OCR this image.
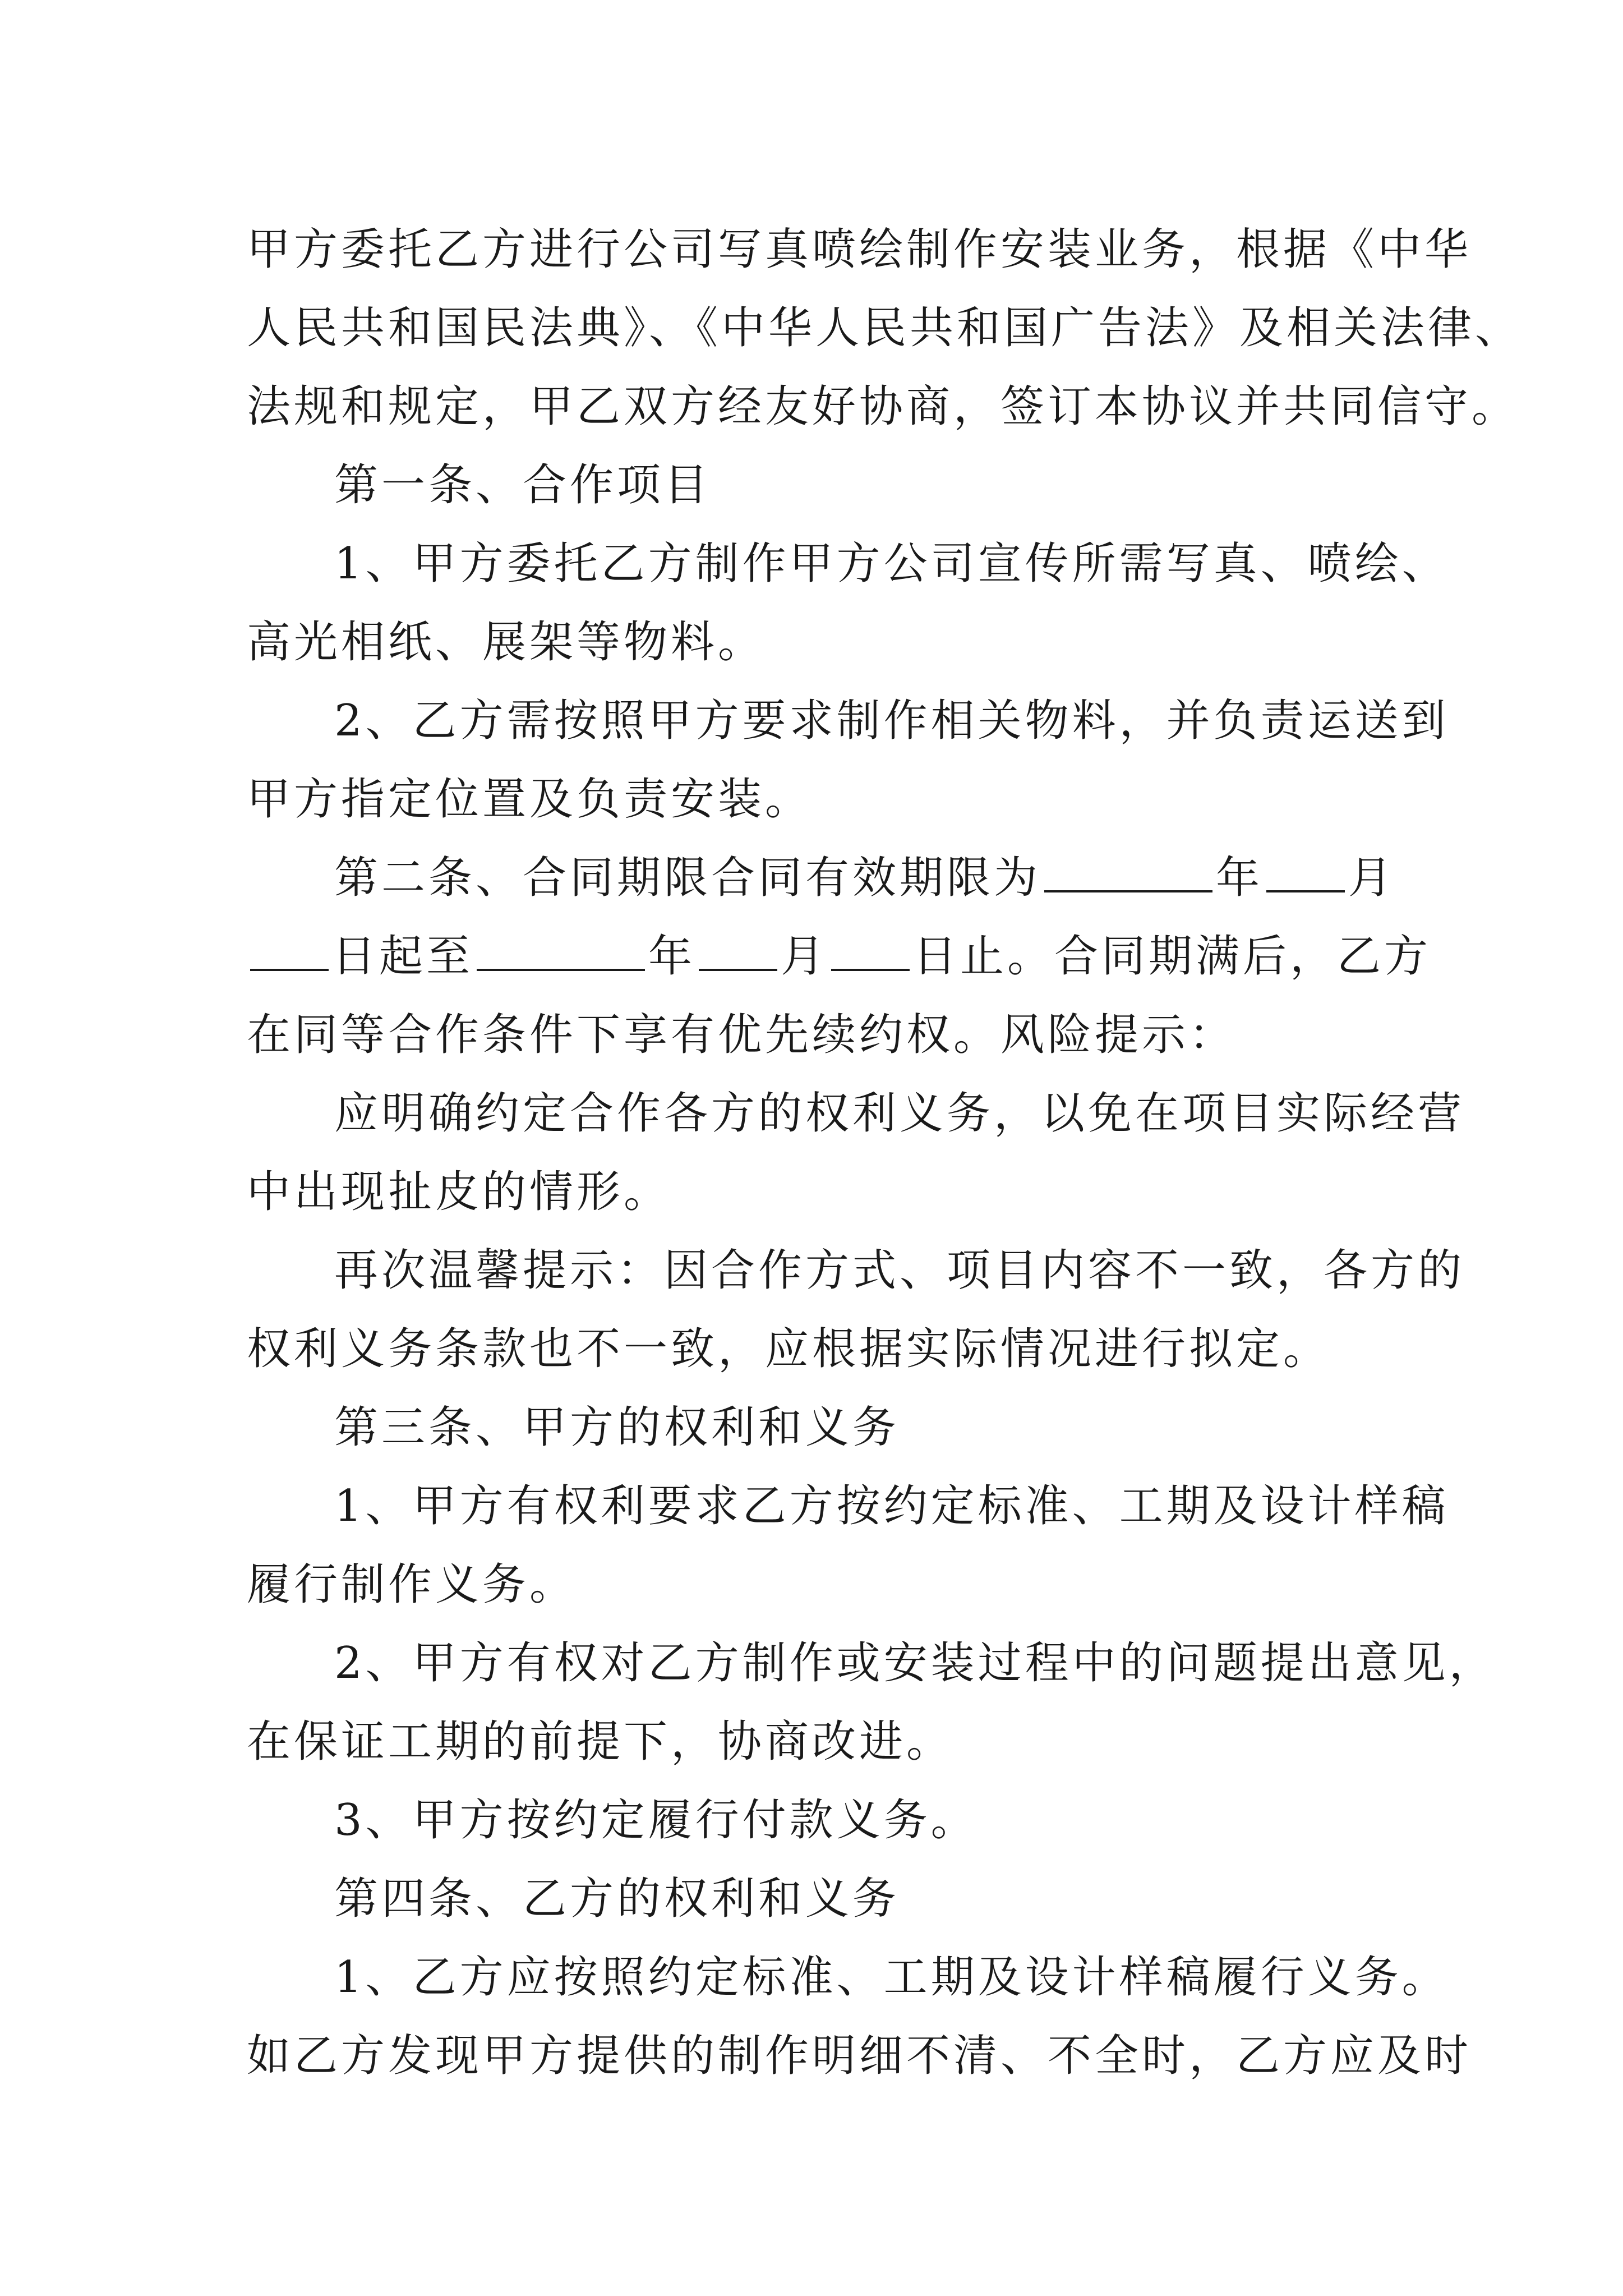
甲方委托乙方进行公司写真喷绘制作安装业务，根据《中华
人民共和国民法典》、《中华人民共和国广告法》及相关法律、
法规和规定，甲乙双方经友好协商，签订本协议并共同信守。
第一条、合作项目
1、甲方委托乙方制作甲方公司宣传所需写真、喷绘、
高光相纸、展架等物料。
2、乙方需按照甲方要求制作相关物料，并负责运送到
甲方指定位置及负责安装。
第二条、合同期限合同有效期限为	年 月
日起至	年 月 日止。合同期满后，乙方
在同等合作条件下享有优先续约权。风险提示：
应明确约定合作各方的权利义务，以免在项目实际经营
中出现扯皮的情形。
再次温馨提示：因合作方式、项目内容不一致，各方的
权利义务条款也不一致，应根据实际情况进行拟定。
第三条、甲方的权利和义务
1、甲方有权利要求乙方按约定标准、工期及设计样稿
履行制作义务。
2、甲方有权对乙方制作或安装过程中的问题提出意见，
在保证工期的前提下，协商改进。
3、甲方按约定履行付款义务。
第四条、乙方的权利和义务
1、乙方应按照约定标准、工期及设计样稿履行义务。
如乙方发现甲方提供的制作明细不清、不全时，乙方应及时
